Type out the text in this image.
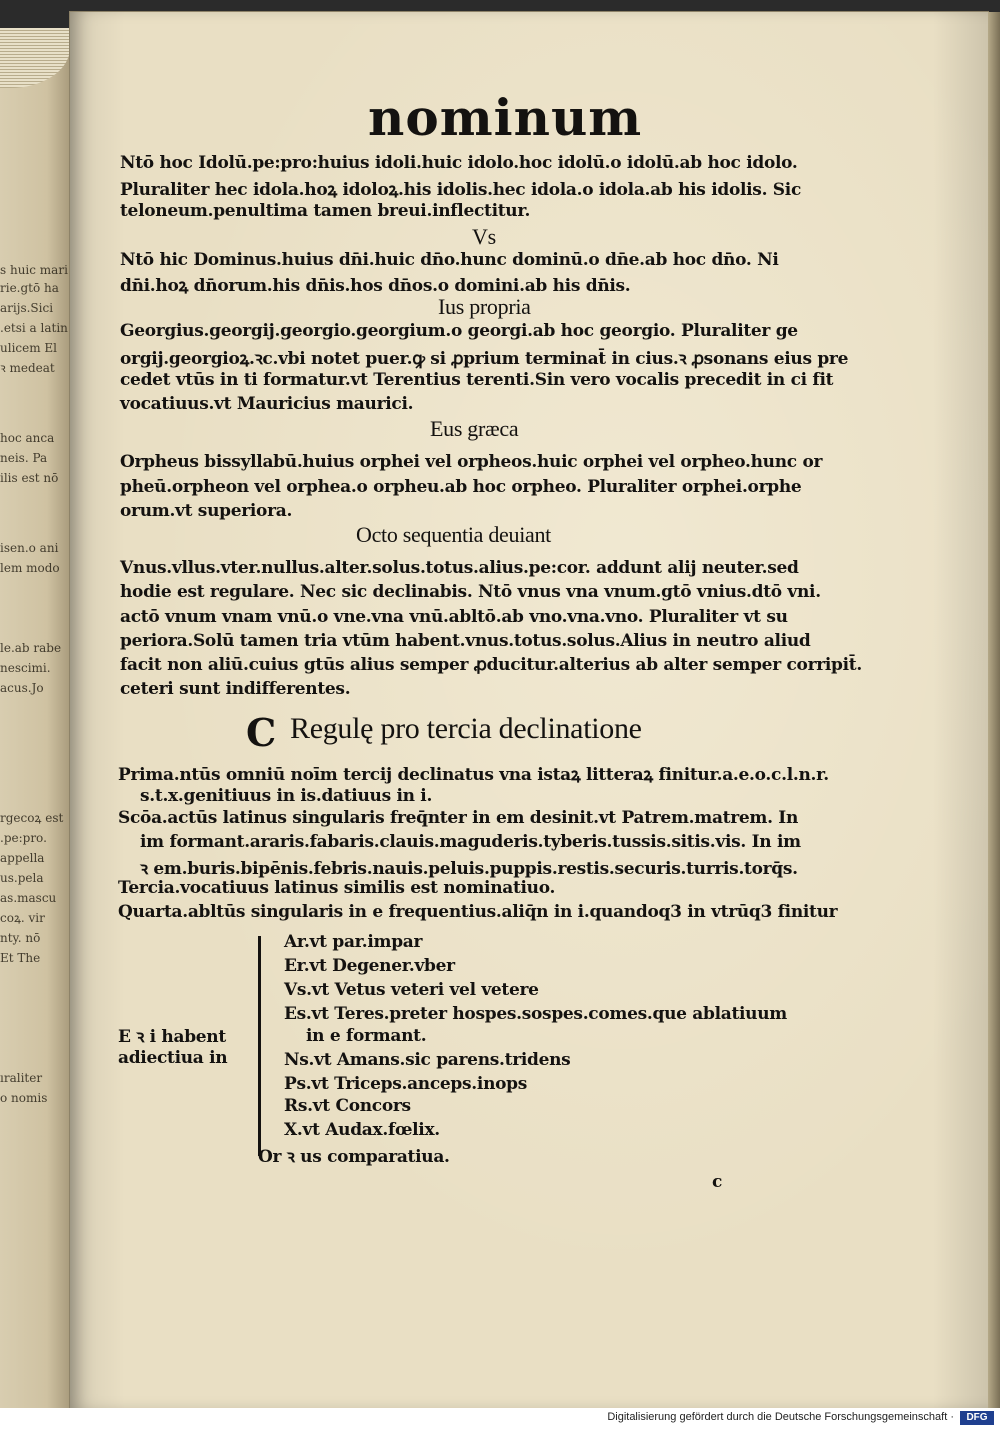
s huic mari
rie.gtō ha
arijs.Sici
.etsi a latin
ulicem El
ꝛ medeat
hoc anca
neis. Pa
ilis est nō
isen.o ani
lem modo
le.ab rabe
nescimi.
acus.Jo
rgecoꝝ est
.pe:pro.
appella
us.pela
as.mascu
coꝝ. vir
nty. nō
Et The
ıraliter
o nomis
nominum
Ntō hoc Idolū.pe:pro:huius idoli.huic idolo.hoc idolū.o idolū.ab hoc idolo.
Pluraliter hec idola.hoꝝ idoloꝝ.his idolis.hec idola.o idola.ab his idolis. Sic
teloneum.penultima tamen breui.inflectitur.
Vs
Ntō hic Dominus.huius dn̄i.huic dn̄o.hunc dominū.o dn̄e.ab hoc dn̄o. Ni
dn̄i.hoꝝ dn̄orum.his dn̄is.hos dn̄os.o domini.ab his dn̄is.
Ius propria
Georgius.georgij.georgio.georgium.o georgi.ab hoc georgio. Pluraliter ge
orgij.georgioꝝ.ꝛc.vbi notet puer.ꝙ si ꝓprium terminat̄ in cius.ꝛ ꝓsonans eius pre
cedet vtūs in ti formatur.vt Terentius terenti.Sin vero vocalis precedit in ci fit
vocatiuus.vt Mauricius maurici.
Eus græca
Orpheus bissyllabū.huius orphei vel orpheos.huic orphei vel orpheo.hunc or
pheū.orpheon vel orphea.o orpheu.ab hoc orpheo. Pluraliter orphei.orphe
orum.vt superiora.
Octo sequentia deuiant
Vnus.vllus.vter.nullus.alter.solus.totus.alius.pe:cor. addunt alij neuter.sed
hodie est regulare. Nec sic declinabis. Ntō vnus vna vnum.gtō vnius.dtō vni.
actō vnum vnam vnū.o vne.vna vnū.abltō.ab vno.vna.vno. Pluraliter vt su
periora.Solū tamen tria vtūm habent.vnus.totus.solus.Alius in neutro aliud
facit non aliū.cuius gtūs alius semper ꝓducitur.alterius ab alter semper corripit̄.
ceteri sunt indifferentes.
C Regulę pro tercia declinatione
Prima.ntūs omniū noīm tercij declinatus vna istaꝝ litteraꝝ finitur.a.e.o.c.l.n.r.
s.t.x.genitiuus in is.datiuus in i.
Scōa.actūs latinus singularis freq̄nter in em desinit.vt Patrem.matrem. In
im formant.araris.fabaris.clauis.maguderis.tyberis.tussis.sitis.vis. In im
ꝛ em.buris.bipēnis.febris.nauis.peluis.puppis.restis.securis.turris.torq̄s.
Tercia.vocatiuus latinus similis est nominatiuo.
Quarta.abltūs singularis in e frequentius.aliq̄n in i.quandoq3 in vtrūq3 finitur
E ꝛ i habent
adiectiua in
Ar.vt par.impar
Er.vt Degener.vber
Vs.vt Vetus veteri vel vetere
Es.vt Teres.preter hospes.sospes.comes.que ablatiuum
in e formant.
Ns.vt Amans.sic parens.tridens
Ps.vt Triceps.anceps.inops
Rs.vt Concors
X.vt Audax.fœlix.
Or ꝛ us comparatiua.
c
Digitalisierung gefördert durch die Deutsche Forschungsgemeinschaft ·	DFG
